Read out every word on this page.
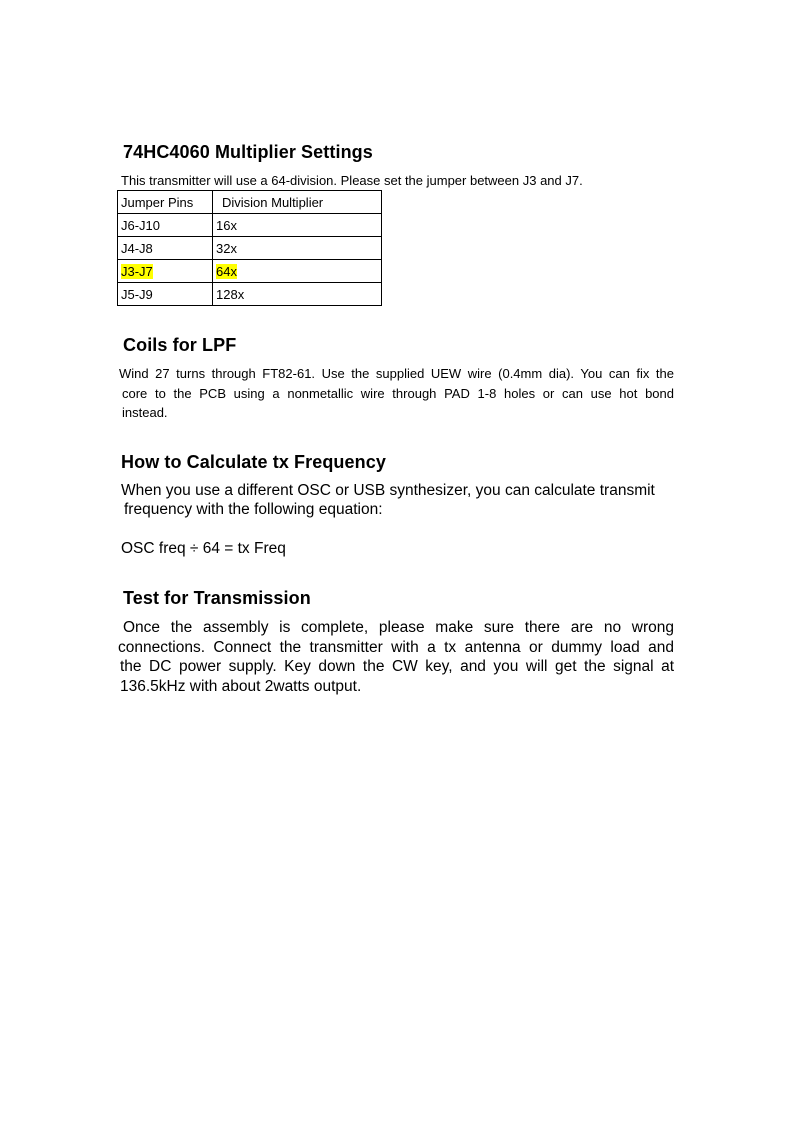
74HC4060 Multiplier Settings

This transmitter will use a 64-division. Please set the jumper between J3 and J7.

Jumper Pins	Division Multiplier
J6-J10	16x
J4-J8	32x
J3-J7	64x
J5-J9	128x
Coils for LPF
Wind 27 turns through FT82-61. Use the supplied UEW wire (0.4mm dia). You can fix the
core to the PCB using a nonmetallic wire through PAD 1-8 holes or can use hot bond
instead.
How to Calculate tx Frequency

When you use a different OSC or USB synthesizer, you can calculate transmit

frequency with the following equation:

OSC freq ÷ 64 = tx Freq

Test for Transmission
Once the assembly is complete, please make sure there are no wrong
connections. Connect the transmitter with a tx antenna or dummy load and
the DC power supply. Key down the CW key, and you will get the signal at
136.5kHz with about 2watts output.
